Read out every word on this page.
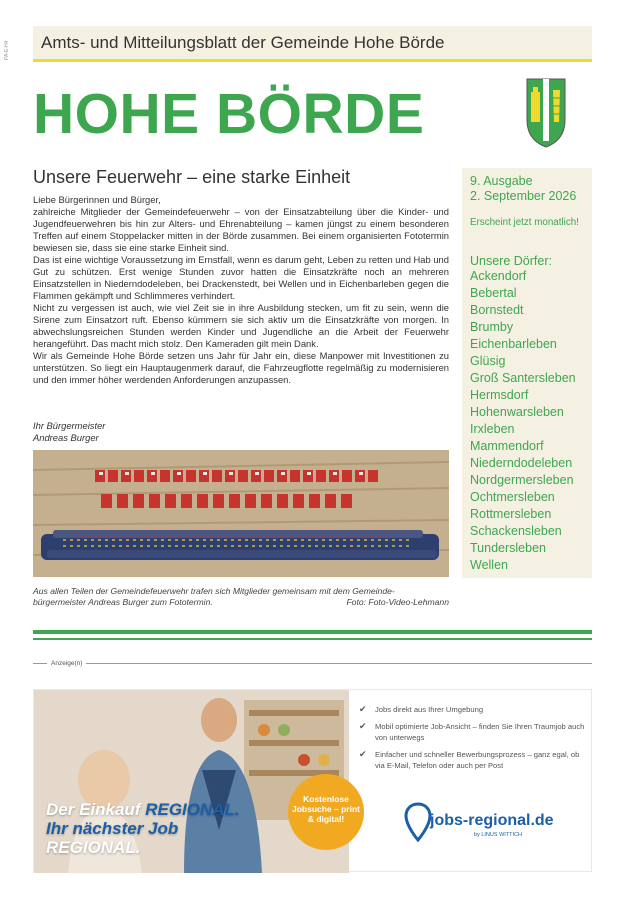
PA-E-H4	Amts- und Mitteilungsblatt der Gemeinde Hohe Börde
HOHE BÖRDE
Unsere Feuerwehr – eine starke Einheit

Liebe Bürgerinnen und Bürger,

zahlreiche Mitglieder der Gemeindefeuerwehr – von der Einsatzabteilung über die Kinder- und Jugendfeuerwehren bis hin zur Alters- und Ehrenabteilung – kamen jüngst zu einem besonderen Treffen auf einem Stoppelacker mitten in der Börde zusammen. Bei einem organisierten Fototermin bewiesen sie, dass sie eine starke Einheit sind.

Das ist eine wichtige Voraussetzung im Ernstfall, wenn es darum geht, Leben zu retten und Hab und Gut zu schützen. Erst wenige Stunden zuvor hatten die Einsatzkräfte noch an mehreren Einsatzstellen in Niederndodeleben, bei Drackenstedt, bei Wellen und in Eichenbarleben gegen die Flammen gekämpft und Schlimmeres verhindert.

Nicht zu vergessen ist auch, wie viel Zeit sie in ihre Ausbildung stecken, um fit zu sein, wenn die Sirene zum Einsatzort ruft. Ebenso kümmern sie sich aktiv um die Einsatzkräfte von morgen. In abwechslungsreichen Stunden werden Kinder und Jugendliche an die Arbeit der Feuerwehr herangeführt. Das macht mich stolz. Den Kameraden gilt mein Dank.

Wir als Gemeinde Hohe Börde setzen uns Jahr für Jahr ein, diese Manpower mit Investitionen zu unterstützen. So liegt ein Hauptaugenmerk darauf, die Fahrzeugflotte regelmäßig zu modernisieren und den immer höher werdenden Anforderungen anzupassen.

Ihr Bürgermeister
Andreas Burger
Aus allen Teilen der Gemeindefeuerwehr trafen sich Mitglieder gemeinsam mit dem Gemeinde-
bürgermeister Andreas Burger zum Fototermin.	Foto: Foto-Video-Lehmann
9. Ausgabe
2. September 2026
Erscheint jetzt monatlich!
Unsere Dörfer:
Ackendorf
Bebertal
Bornstedt
Brumby
Eichenbarleben
Glüsig
Groß Santersleben
Hermsdorf
Hohenwarsleben
Irxleben
Mammendorf
Niederndodeleben
Nordgermersleben
Ochtmersleben
Rottmersleben
Schackensleben
Tundersleben
Wellen
Anzeige(n)
Der Einkauf REGIONAL.
Ihr nächster Job
REGIONAL.
Kostenlose Jobsuche – print & digital!
✔ Jobs direkt aus Ihrer Umgebung
✔ Mobil optimierte Job-Ansicht – finden Sie Ihren Traumjob auch von unterwegs
✔ Einfacher und schneller Bewerbungsprozess – ganz egal, ob via E-Mail, Telefon oder auch per Post
jobs-regional.de
by LINUS WITTICH
